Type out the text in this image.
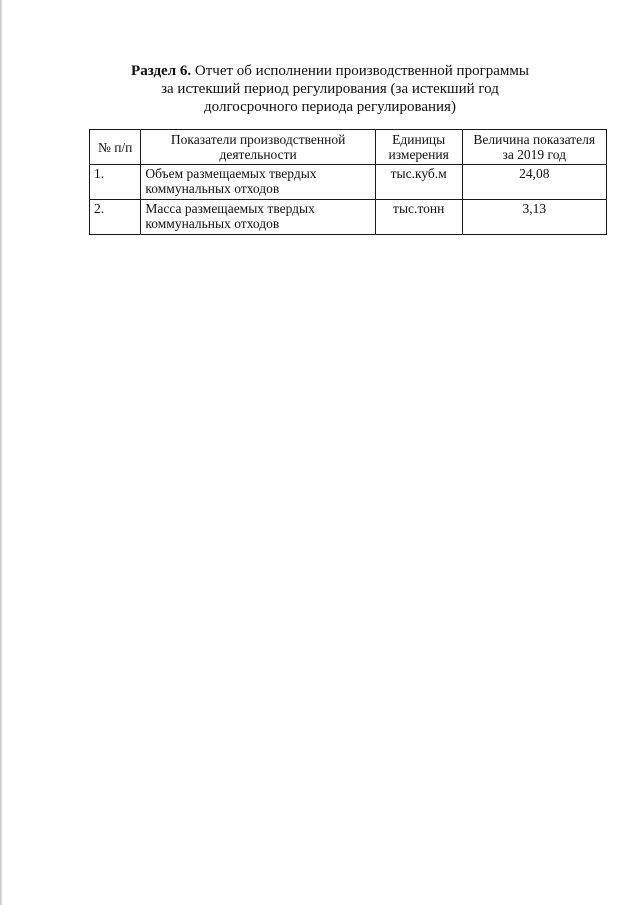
Раздел 6. Отчет об исполнении производственной программы
за истекший период регулирования (за истекший год
долгосрочного периода регулирования)
№ п/п	Показатели производственной деятельности	Единицы измерения	Величина показателя за 2019 год
1.	Объем размещаемых твердых коммунальных отходов	тыс.куб.м	24,08
2.	Масса размещаемых твердых коммунальных отходов	тыс.тонн	3,13
